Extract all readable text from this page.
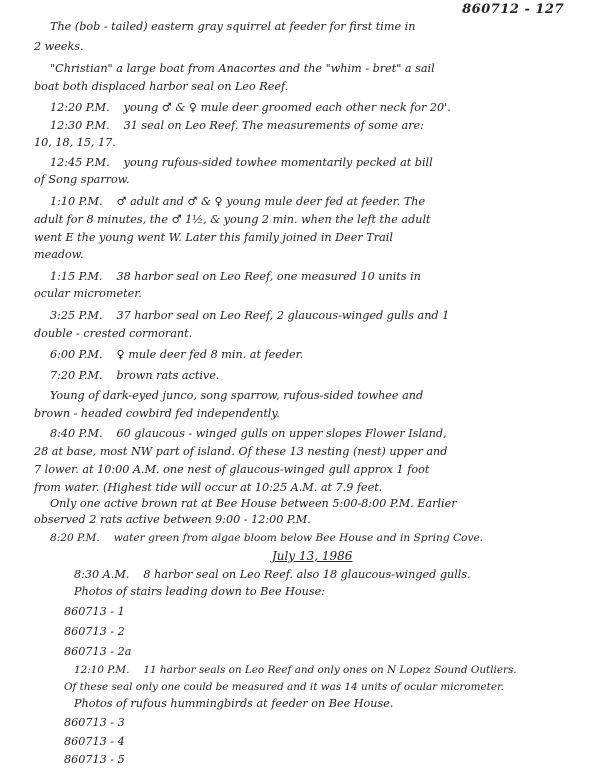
860712 - 127
The (bob - tailed) eastern gray squirrel at feeder for first time in
2 weeks.
"Christian" a large boat from Anacortes and the "whim - bret" a sail
boat both displaced harbor seal on Leo Reef.
12:20 P.M. young ♂ & ♀ mule deer groomed each other neck for 20'.
12:30 P.M. 31 seal on Leo Reef. The measurements of some are:
10, 18, 15, 17.
12:45 P.M. young rufous-sided towhee momentarily pecked at bill
of Song sparrow.
1:10 P.M. ♂ adult and ♂ & ♀ young mule deer fed at feeder. The
adult for 8 minutes, the ♂ 1½, & young 2 min. when the left the adult
went E the young went W. Later this family joined in Deer Trail
meadow.
1:15 P.M. 38 harbor seal on Leo Reef, one measured 10 units in
ocular micrometer.
3:25 P.M. 37 harbor seal on Leo Reef, 2 glaucous-winged gulls and 1
double - crested cormorant.
6:00 P.M. ♀ mule deer fed 8 min. at feeder.
7:20 P.M. brown rats active.
Young of dark-eyed junco, song sparrow, rufous-sided towhee and
brown - headed cowbird fed independently.
8:40 P.M. 60 glaucous - winged gulls on upper slopes Flower Island,
28 at base, most NW part of island. Of these 13 nesting (nest) upper and
7 lower. at 10:00 A.M. one nest of glaucous-winged gull approx 1 foot
from water. (Highest tide will occur at 10:25 A.M. at 7.9 feet.
Only one active brown rat at Bee House between 5:00-8:00 P.M. Earlier
observed 2 rats active between 9:00 - 12:00 P.M.
8:20 P.M. water green from algae bloom below Bee House and in Spring Cove.
July 13, 1986
8:30 A.M. 8 harbor seal on Leo Reef. also 18 glaucous-winged gulls.
Photos of stairs leading down to Bee House:
860713 - 1
860713 - 2
860713 - 2a
12:10 P.M. 11 harbor seals on Leo Reef and only ones on N Lopez Sound Outliers.
Of these seal only one could be measured and it was 14 units of ocular micrometer.
Photos of rufous hummingbirds at feeder on Bee House.
860713 - 3
860713 - 4
860713 - 5
